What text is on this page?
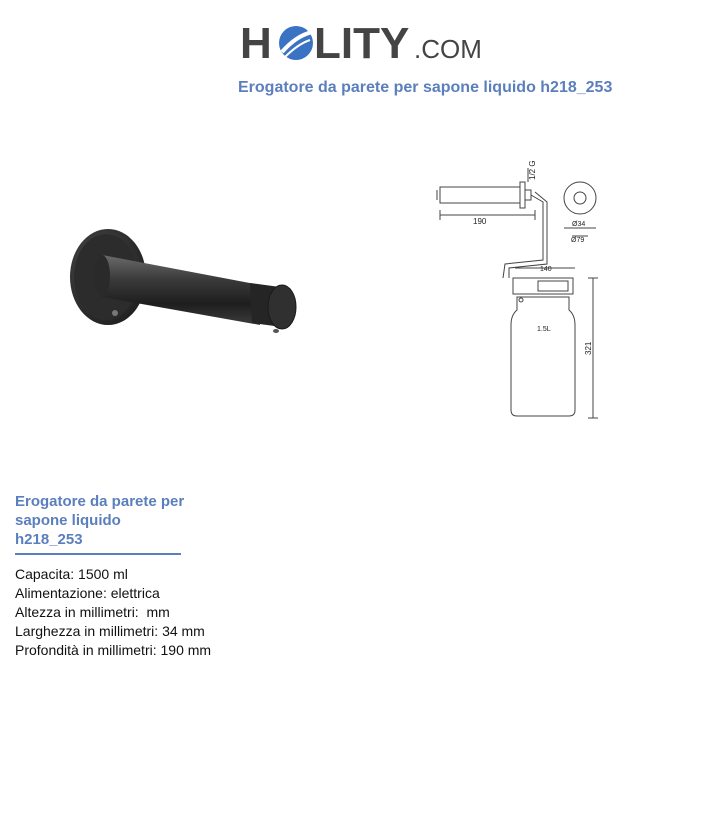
H LITY .COM
Erogatore da parete per sapone liquido h218_253
190
1/2 G
Ø34
Ø79
140
1.5L
321
Erogatore da parete per sapone liquido h218_253
Capacita: 1500 ml
Alimentazione: elettrica
Altezza in millimetri:  mm
Larghezza in millimetri: 34 mm
Profondità in millimetri: 190 mm
